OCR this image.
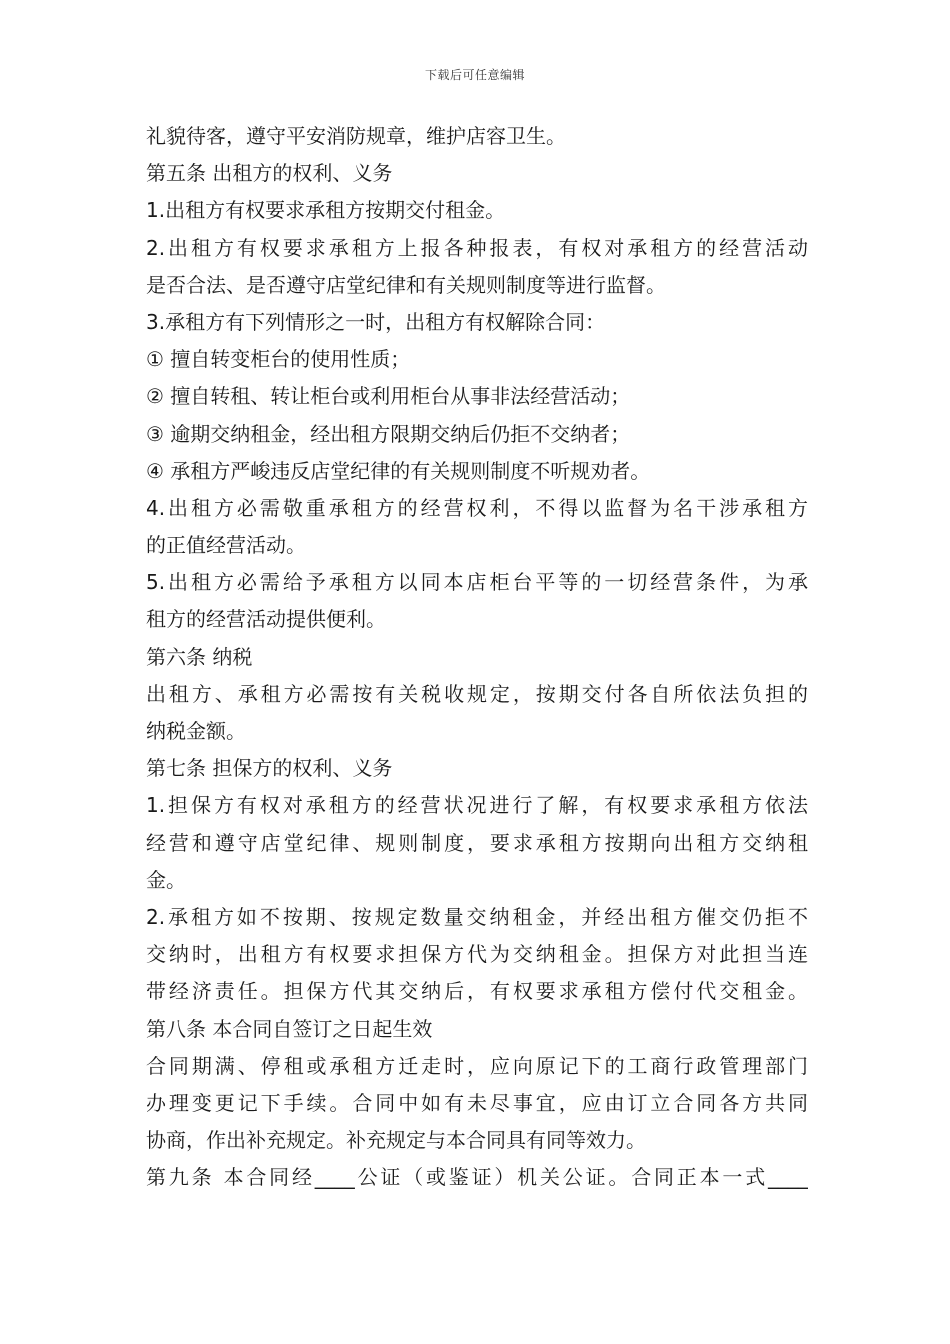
下载后可任意编辑
礼貌待客，遵守平安消防规章，维护店容卫生。
第五条 出租方的权利、义务
1.出租方有权要求承租方按期交付租金。
2.出租方有权要求承租方上报各种报表，有权对承租方的经营活动
是否合法、是否遵守店堂纪律和有关规则制度等进行监督。
3.承租方有下列情形之一时，出租方有权解除合同：
① 擅自转变柜台的使用性质；
② 擅自转租、转让柜台或利用柜台从事非法经营活动；
③ 逾期交纳租金，经出租方限期交纳后仍拒不交纳者；
④ 承租方严峻违反店堂纪律的有关规则制度不听规劝者。
4.出租方必需敬重承租方的经营权利，不得以监督为名干涉承租方
的正值经营活动。
5.出租方必需给予承租方以同本店柜台平等的一切经营条件，为承
租方的经营活动提供便利。
第六条 纳税
出租方、承租方必需按有关税收规定，按期交付各自所依法负担的
纳税金额。
第七条 担保方的权利、义务
1.担保方有权对承租方的经营状况进行了解，有权要求承租方依法
经营和遵守店堂纪律、规则制度，要求承租方按期向出租方交纳租
金。
2.承租方如不按期、按规定数量交纳租金，并经出租方催交仍拒不
交纳时，出租方有权要求担保方代为交纳租金。担保方对此担当连
带经济责任。担保方代其交纳后，有权要求承租方偿付代交租金。
第八条 本合同自签订之日起生效
合同期满、停租或承租方迁走时，应向原记下的工商行政管理部门
办理变更记下手续。合同中如有未尽事宜，应由订立合同各方共同
协商，作出补充规定。补充规定与本合同具有同等效力。
第九条 本合同经____公证（或鉴证）机关公证。合同正本一式____
